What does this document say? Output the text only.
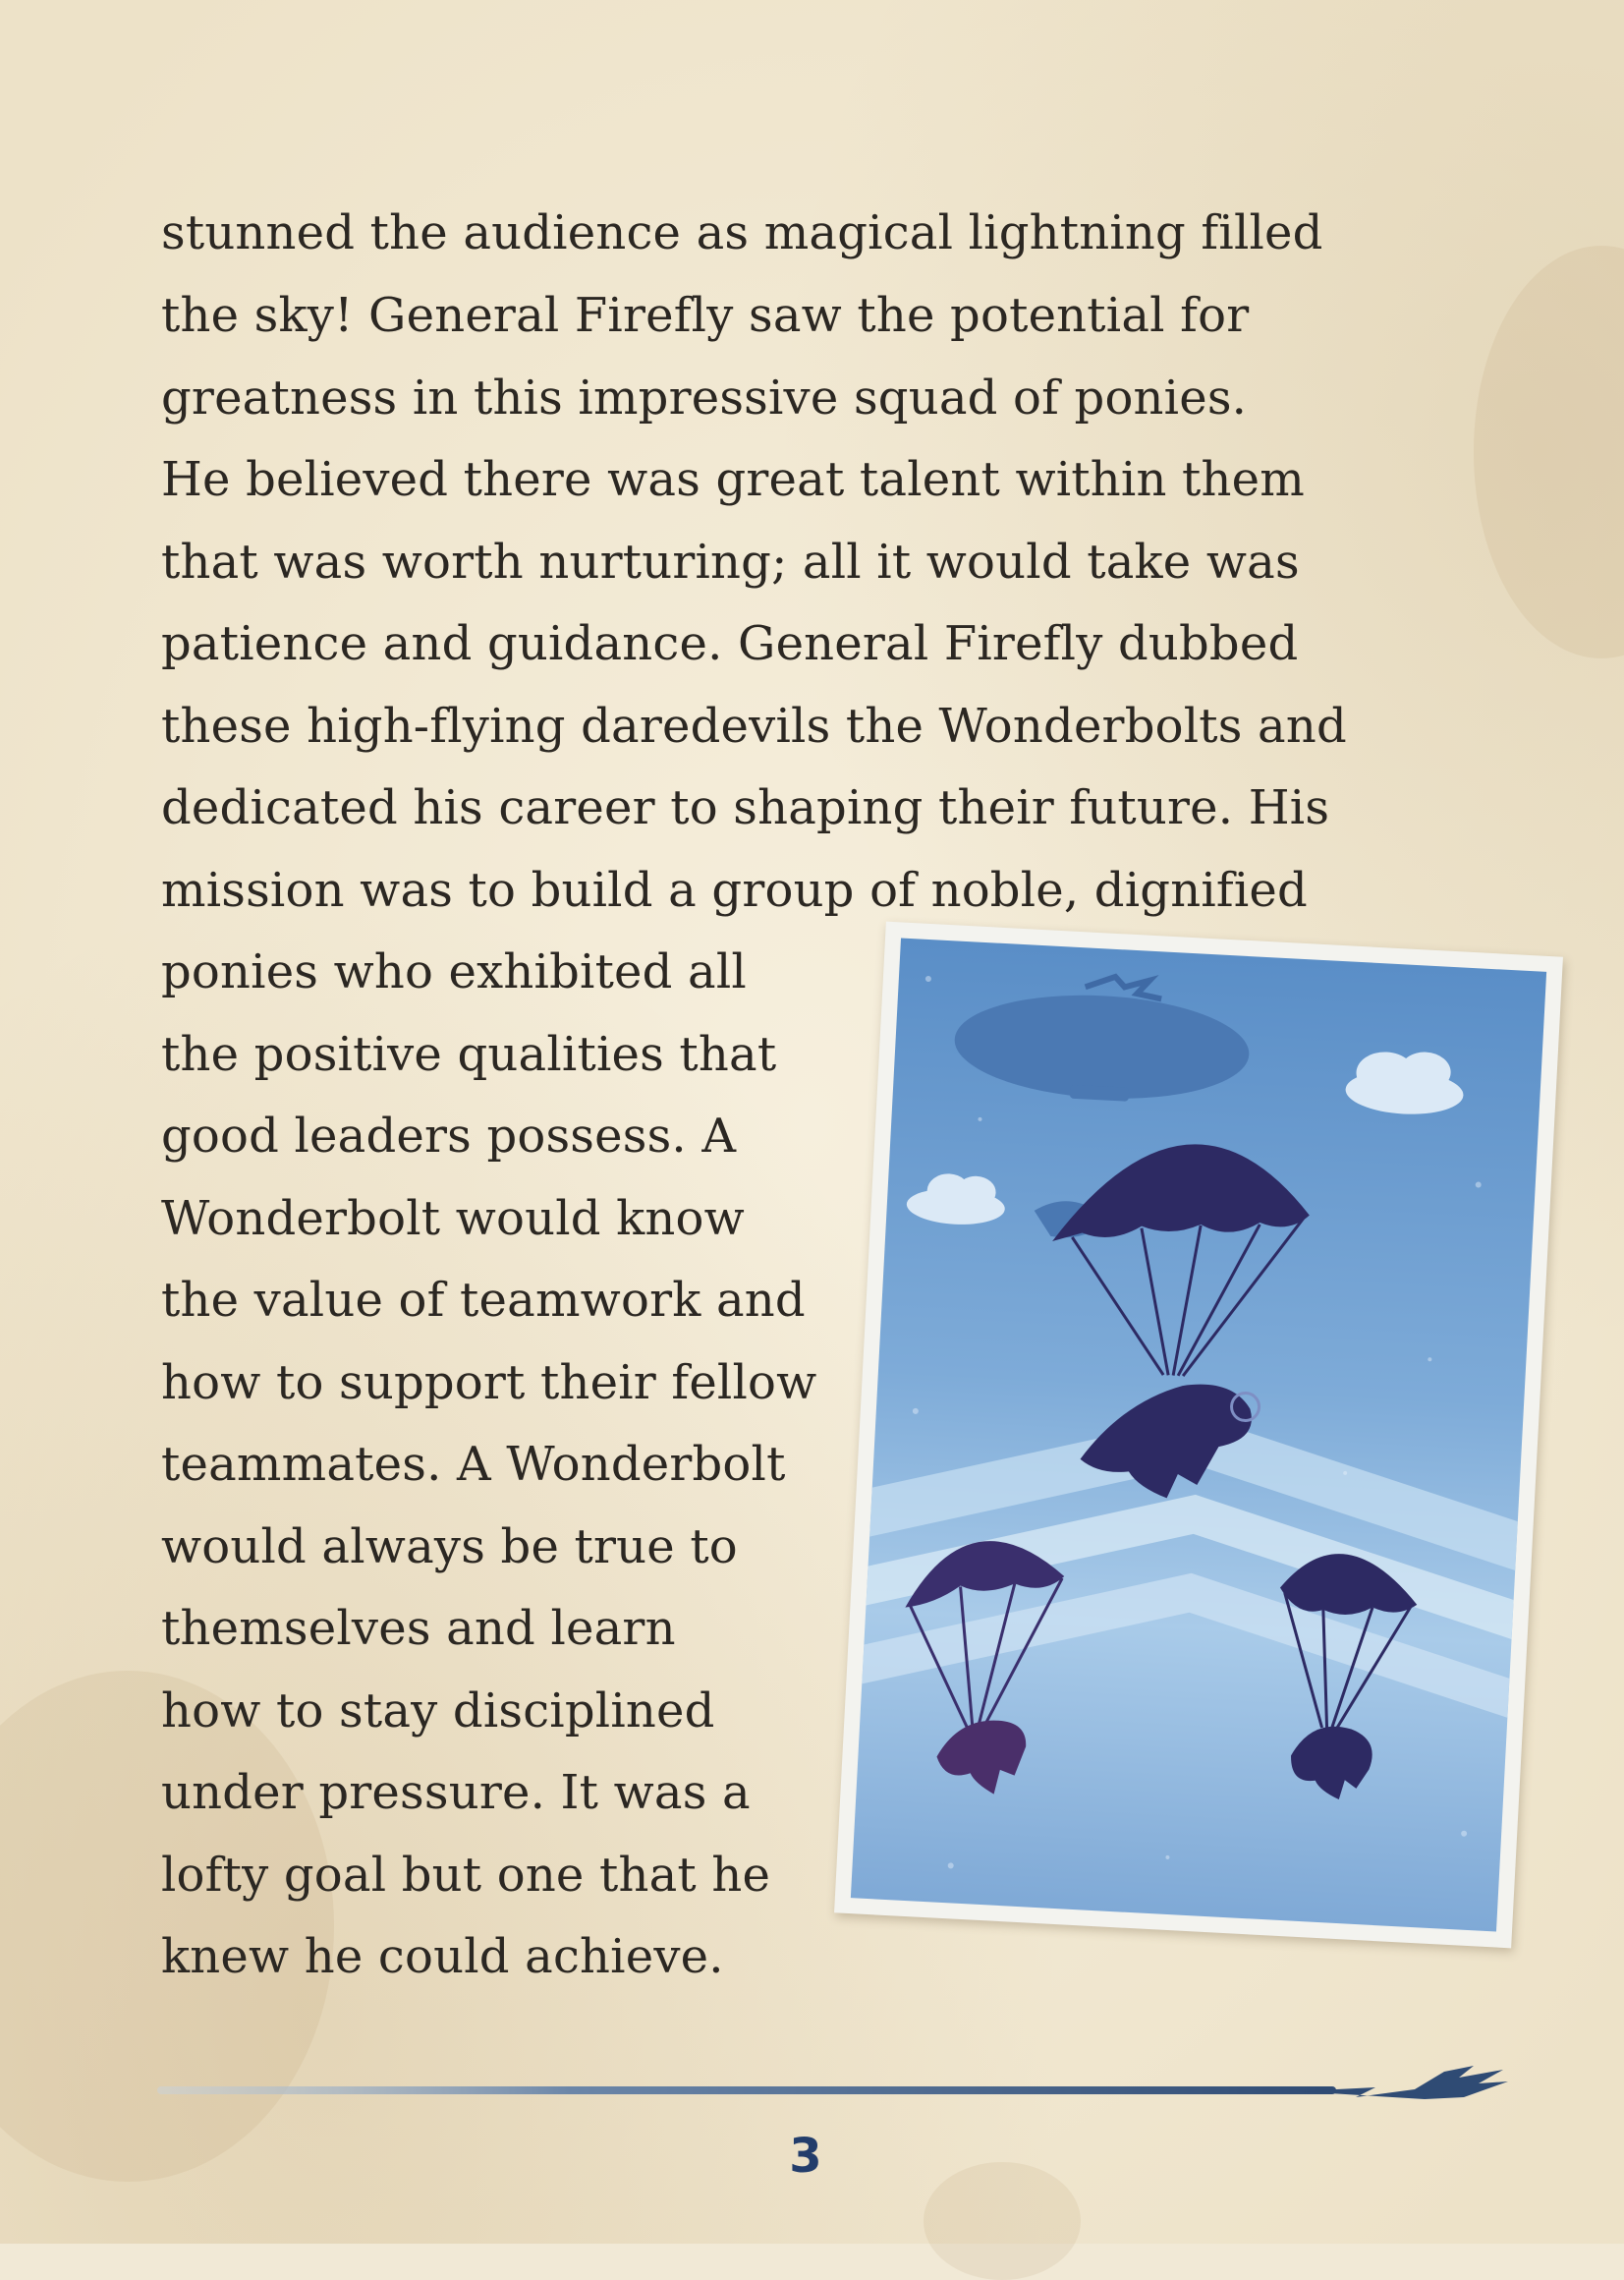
stunned the audience as magical lightning filled
the sky! General Firefly saw the potential for
greatness in this impressive squad of ponies.
He believed there was great talent within them
that was worth nurturing; all it would take was
patience and guidance. General Firefly dubbed
these high-flying daredevils the Wonderbolts and
dedicated his career to shaping their future. His
mission was to build a group of noble, dignified
ponies who exhibited all
the positive qualities that
good leaders possess. A
Wonderbolt would know
the value of teamwork and
how to support their fellow
teammates. A Wonderbolt
would always be true to
themselves and learn
how to stay disciplined
under pressure. It was a
lofty goal but one that he
knew he could achieve.
3
